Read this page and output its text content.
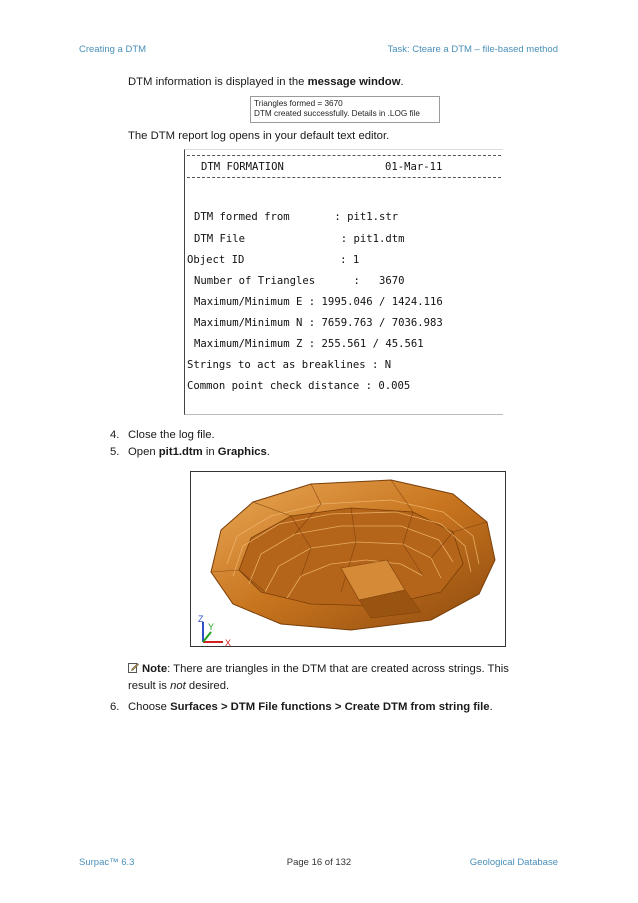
Creating a DTM	Task: Cteare a DTM – file-based method
DTM information is displayed in the message window.
Triangles formed = 3670
DTM created successfully. Details in .LOG file
The DTM report log opens in your default text editor.
DTM FORMATION	01-Mar-11
DTM formed from       : pit1.str
DTM File               : pit1.dtm
Object ID               : 1
Number of Triangles      :   3670
Maximum/Minimum E : 1995.046 / 1424.116
Maximum/Minimum N : 7659.763 / 7036.983
Maximum/Minimum Z : 255.561 / 45.561
Strings to act as breaklines : N
Common point check distance : 0.005
4. Close the log file.
5. Open pit1.dtm in Graphics.
Z
Y
X
Note: There are triangles in the DTM that are created across strings. This result is not desired.
6. Choose Surfaces > DTM File functions > Create DTM from string file.
Surpac™ 6.3	Page 16 of 132	Geological Database
